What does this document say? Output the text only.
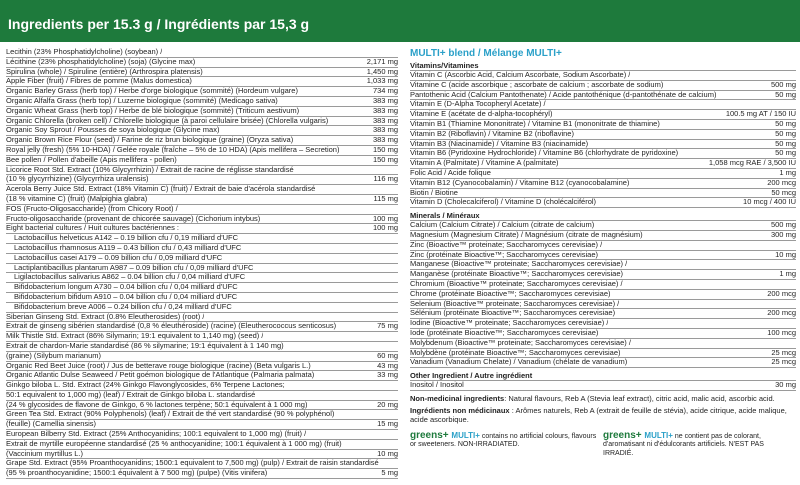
Ingredients per 15.3 g / Ingrédients par 15,3 g
Lecithin (23% Phosphatidylcholine) (soybean) /
Lécithine (23% phosphatidylcholine) (soja) (Glycine max)	2,171 mg
Spirulina (whole) / Spiruline (entière) (Arthrospira platensis)	1,450 mg
Apple Fiber (fruit) / Fibres de pomme (Malus domestica)	1,033 mg
Organic Barley Grass (herb top) / Herbe d'orge biologique (sommité) (Hordeum vulgare)	734 mg
Organic Alfalfa Grass (herb top) / Luzerne biologique (sommité) (Medicago sativa)	383 mg
Organic Wheat Grass (herb top) / Herbe de blé biologique (sommité) (Triticum aestivum)	383 mg
Organic Chlorella (broken cell) / Chlorelle biologique (à paroi cellulaire brisée) (Chlorella vulgaris)	383 mg
Organic Soy Sprout / Pousses de soya biologique (Glycine max)	383 mg
Organic Brown Rice Flour (seed) / Farine de riz brun biologique (graine) (Oryza sativa)	383 mg
Royal jelly (fresh) (5% 10-HDA) / Gelée royale (fraîche – 5% de 10 HDA) (Apis mellifera – Secretion)	150 mg
Bee pollen / Pollen d'abeille (Apis mellifera - pollen)	150 mg
Licorice Root Std. Extract (10% Glycyrrhizin) / Extrait de racine de réglisse standardisé
(10 % glycyrrhizine) (Glycyrrhiza uralensis)	116 mg
Acerola Berry Juice Std. Extract (18% Vitamin C) (fruit) / Extrait de baie d'acérola standardisé
(18 % vitamine C) (fruit) (Malpighia glabra)	115 mg
FOS (Fructo-Oligosaccharide) (from Chicory Root) /
Fructo-oligosaccharide (provenant de chicorée sauvage) (Cichorium intybus)	100 mg
Eight bacterial cultures / Huit cultures bactériennes :	100 mg
Lactobacillus helveticus A142 – 0.19 billion cfu / 0,19 milliard d'UFC
Lactobacillus rhamnosus A119 – 0.43 billion cfu / 0,43 milliard d'UFC
Lactobacillus casei A179 – 0.09 billion cfu / 0,09 milliard d'UFC
Lactiplantibacillus plantarum A987 – 0.09 billion cfu / 0,09 milliard d'UFC
Ligilactobacillus salivarius A862 – 0.04 billion cfu / 0,04 milliard d'UFC
Bifidobacterium longum A730 – 0.04 billion cfu / 0,04 milliard d'UFC
Bifidobacterium bifidum A910 – 0.04 billion cfu / 0,04 milliard d'UFC
Bifidobacterium breve A006 – 0.24 billion cfu / 0,24 milliard d'UFC
Siberian Ginseng Std. Extract (0.8% Eleutherosides) (root) /
Extrait de ginseng sibérien standardisé (0,8 % éleuthéroside) (racine) (Eleutherococcus senticosus)	75 mg
Milk Thistle Std. Extract (86% Silymarin; 19:1 equivalent to 1,140 mg) (seed) /
Extrait de chardon-Marie standardisé (86 % silymarine; 19:1 équivalent à 1 140 mg)
(graine) (Silybum marianum)	60 mg
Organic Red Beet Juice (root) / Jus de betterave rouge biologique (racine) (Beta vulgaris L.)	43 mg
Organic Atlantic Dulse Seaweed / Petit goémon biologique de l'Atlantique (Palmaria palmata)	33 mg
Ginkgo biloba L. Std. Extract (24% Ginkgo Flavonglycosides, 6% Terpene Lactones;
50:1 equivalent to 1,000 mg) (leaf) / Extrait de Ginkgo biloba L. standardisé
(24 % glycosides de flavone de Ginkgo, 6 % lactones terpène; 50:1 équivalent à 1 000 mg)	20 mg
Green Tea Std. Extract (90% Polyphenols) (leaf) / Extrait de thé vert standardisé (90 % polyphénol)
(feuille) (Camellia sinensis)	15 mg
European Bilberry Std. Extract (25% Anthocyanidins; 100:1 equivalent to 1,000 mg) (fruit) /
Extrait de myrtille européenne standardisé (25 % anthocyanidine; 100:1 équivalent à 1 000 mg) (fruit)
(Vaccinium myrtillus L.)	10 mg
Grape Std. Extract (95% Proanthocyanidins; 1500:1 equivalent to 7,500 mg) (pulp) / Extrait de raisin standardisé
(95 % proanthocyanidine; 1500:1 équivalent à 7 500 mg) (pulpe) (Vitis vinifera)	5 mg
MULTI+ blend / Mélange MULTI+
Vitamins/Vitamines
Vitamin C (Ascorbic Acid, Calcium Ascorbate, Sodium Ascorbate) /
Vitamine C (acide ascorbique ; ascorbate de calcium ; ascorbate de sodium)	500 mg
Pantothenic Acid (Calcium Pantothenate) / Acide pantothénique (d-pantothénate de calcium)	50 mg
Vitamin E (D-Alpha Tocopheryl Acetate) /
Vitamine E (acétate de d-alpha-tocophéryl)	100.5 mg AT / 150 IU
Vitamin B1 (Thiamine Mononitrate) / Vitamine B1 (mononitrate de thiamine)	50 mg
Vitamin B2 (Riboflavin) / Vitamine B2 (riboflavine)	50 mg
Vitamin B3 (Niacinamide) / Vitamine B3 (niacinamide)	50 mg
Vitamin B6 (Pyridoxine Hydrochloride) / Vitamine B6 (chlorhydrate de pyridoxine)	50 mg
Vitamin A (Palmitate) / Vitamine A (palmitate)	1,058 mcg RAE / 3,500 IU
Folic Acid / Acide folique	1 mg
Vitamin B12 (Cyanocobalamin) / Vitamine B12 (cyanocobalamine)	200 mcg
Biotin / Biotine	50 mcg
Vitamin D (Cholecalciferol) / Vitamine D (cholécalciférol)	10 mcg / 400 IU
Minerals / Minéraux
Calcium (Calcium Citrate) / Calcium (citrate de calcium)	500 mg
Magnesium (Magnesium Citrate) / Magnésium (citrate de magnésium)	300 mg
Zinc (Bioactive™ proteinate; Saccharomyces cerevisiae) /
Zinc (protéinate Bioactive™; Saccharomyces cerevisiae)	10 mg
Manganese (Bioactive™ proteinate; Saccharomyces cerevisiae) /
Manganèse (protéinate Bioactive™; Saccharomyces cerevisiae)	1 mg
Chromium (Bioactive™ proteinate; Saccharomyces cerevisiae) /
Chrome (protéinate Bioactive™; Saccharomyces cerevisiae)	200 mcg
Selenium (Bioactive™ proteinate; Saccharomyces cerevisiae) /
Sélénium (protéinate Bioactive™; Saccharomyces cerevisiae)	200 mcg
Iodine (Bioactive™ proteinate; Saccharomyces cerevisiae) /
Iode (protéinate Bioactive™; Saccharomyces cerevisiae)	100 mcg
Molybdenum (Bioactive™ proteinate; Saccharomyces cerevisiae) /
Molybdène (protéinate Bioactive™; Saccharomyces cerevisiae)	25 mcg
Vanadium (Vanadium Chelate) / Vanadium (chélate de vanadium)	25 mcg
Other Ingredient / Autre ingrédient
Inositol / Inositol	30 mg
Non-medicinal ingredients: Natural flavours, Reb A (Stevia leaf extract), citric acid, malic acid, ascorbic acid.
Ingrédients non médicinaux : Arômes naturels, Reb A (extrait de feuille de stévia), acide citrique, acide malique, acide ascorbique.
greens+ MULTI+ contains no artificial colours, flavours or sweeteners. NON-IRRADIATED.
greens+ MULTI+ ne contient pas de colorant, d'aromatisant ni d'édulcorants artificiels. N'EST PAS IRRADIÉ.
